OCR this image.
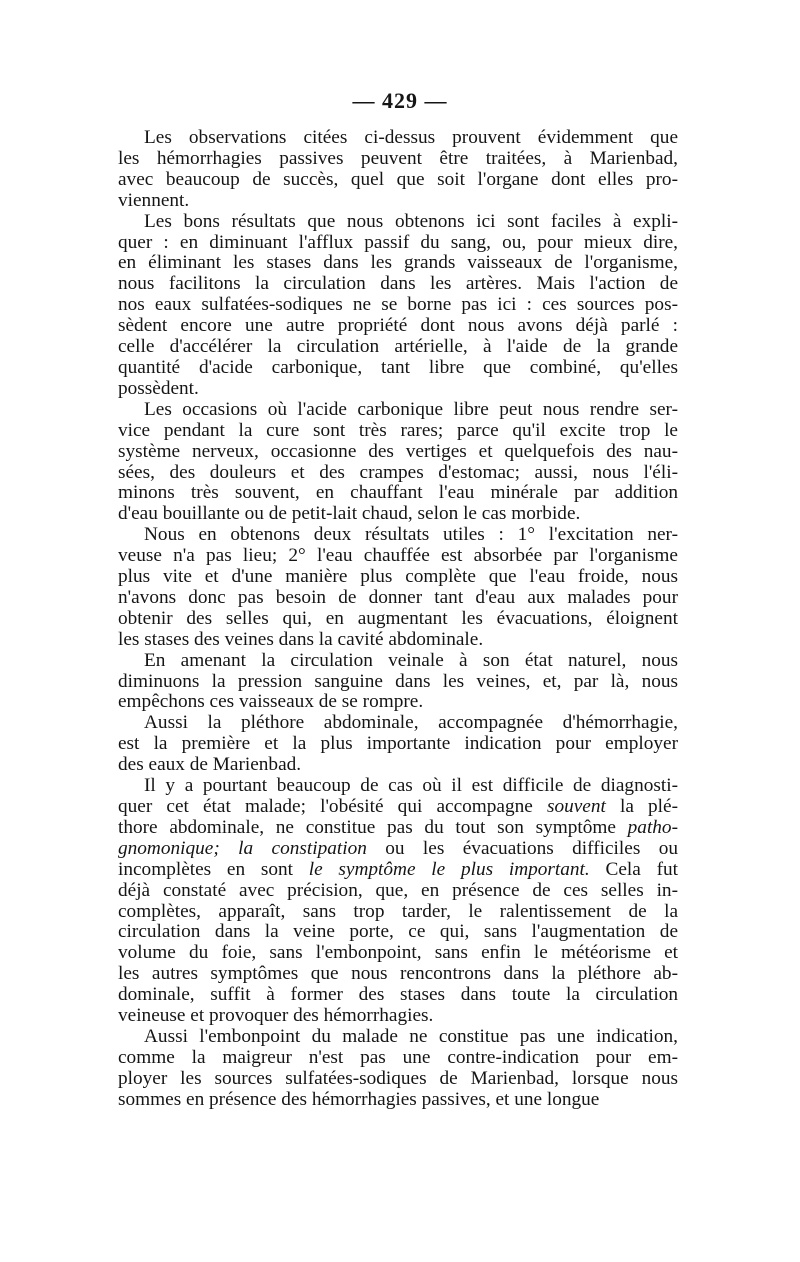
— 429 —
Les observations citées ci-dessus prouvent évidemment que
les hémorrhagies passives peuvent être traitées, à Marienbad,
avec beaucoup de succès, quel que soit l'organe dont elles pro-
viennent.
Les bons résultats que nous obtenons ici sont faciles à expli-
quer : en diminuant l'afflux passif du sang, ou, pour mieux dire,
en éliminant les stases dans les grands vaisseaux de l'organisme,
nous facilitons la circulation dans les artères. Mais l'action de
nos eaux sulfatées-sodiques ne se borne pas ici : ces sources pos-
sèdent encore une autre propriété dont nous avons déjà parlé :
celle d'accélérer la circulation artérielle, à l'aide de la grande
quantité d'acide carbonique, tant libre que combiné, qu'elles
possèdent.
Les occasions où l'acide carbonique libre peut nous rendre ser-
vice pendant la cure sont très rares; parce qu'il excite trop le
système nerveux, occasionne des vertiges et quelquefois des nau-
sées, des douleurs et des crampes d'estomac; aussi, nous l'éli-
minons très souvent, en chauffant l'eau minérale par addition
d'eau bouillante ou de petit-lait chaud, selon le cas morbide.
Nous en obtenons deux résultats utiles : 1° l'excitation ner-
veuse n'a pas lieu; 2° l'eau chauffée est absorbée par l'organisme
plus vite et d'une manière plus complète que l'eau froide, nous
n'avons donc pas besoin de donner tant d'eau aux malades pour
obtenir des selles qui, en augmentant les évacuations, éloignent
les stases des veines dans la cavité abdominale.
En amenant la circulation veinale à son état naturel, nous
diminuons la pression sanguine dans les veines, et, par là, nous
empêchons ces vaisseaux de se rompre.
Aussi la pléthore abdominale, accompagnée d'hémorrhagie,
est la première et la plus importante indication pour employer
des eaux de Marienbad.
Il y a pourtant beaucoup de cas où il est difficile de diagnosti-
quer cet état malade; l'obésité qui accompagne souvent la plé-
thore abdominale, ne constitue pas du tout son symptôme patho-
gnomonique; la constipation ou les évacuations difficiles ou
incomplètes en sont le symptôme le plus important. Cela fut
déjà constaté avec précision, que, en présence de ces selles in-
complètes, apparaît, sans trop tarder, le ralentissement de la
circulation dans la veine porte, ce qui, sans l'augmentation de
volume du foie, sans l'embonpoint, sans enfin le météorisme et
les autres symptômes que nous rencontrons dans la pléthore ab-
dominale, suffit à former des stases dans toute la circulation
veineuse et provoquer des hémorrhagies.
Aussi l'embonpoint du malade ne constitue pas une indication,
comme la maigreur n'est pas une contre-indication pour em-
ployer les sources sulfatées-sodiques de Marienbad, lorsque nous
sommes en présence des hémorrhagies passives, et une longue
